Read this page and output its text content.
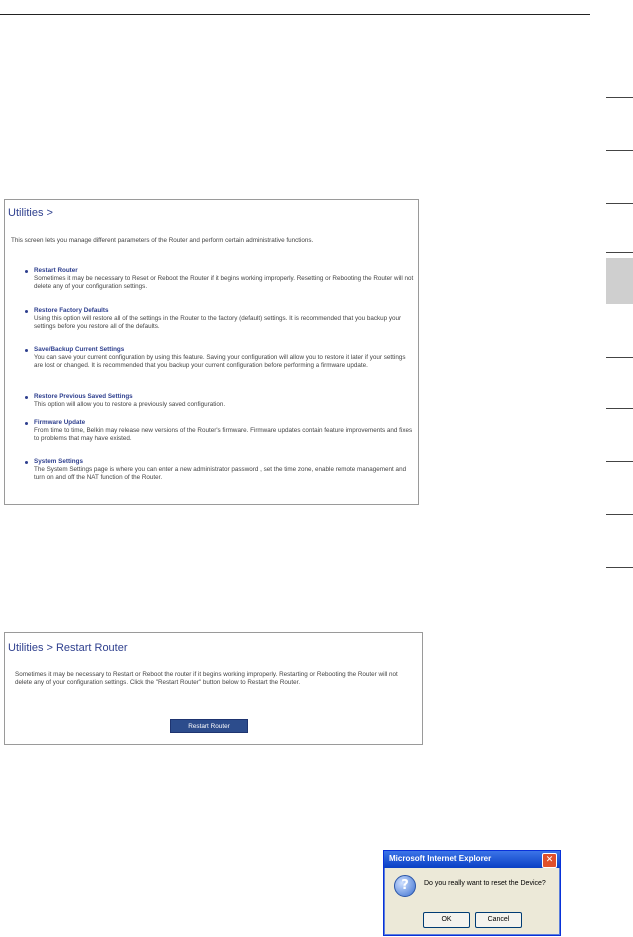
Utilities >
This screen lets you manage different parameters of the Router and perform certain administrative functions.
Restart Router
Sometimes it may be necessary to Reset or Reboot the Router if it begins working improperly. Resetting or Rebooting the Router will not delete any of your configuration settings.
Restore Factory Defaults
Using this option will restore all of the settings in the Router to the factory (default) settings. It is recommended that you backup your settings before you restore all of the defaults.
Save/Backup Current Settings
You can save your current configuration by using this feature. Saving your configuration will allow you to restore it later if your settings are lost or changed. It is recommended that you backup your current configuration before performing a firmware update.
Restore Previous Saved Settings
This option will allow you to restore a previously saved configuration.
Firmware Update
From time to time, Belkin may release new versions of the Router's firmware. Firmware updates contain feature improvements and fixes to problems that may have existed.
System Settings
The System Settings page is where you can enter a new administrator password , set the time zone, enable remote management and turn on and off the NAT function of the Router.
Utilities > Restart Router
Sometimes it may be necessary to Restart or Reboot the router if it begins working improperly. Restarting or Rebooting the Router will not delete any of your configuration settings. Click the "Restart Router" button below to Restart the Router.
Restart Router
Microsoft Internet Explorer	✕
?	Do you really want to reset the Device?
OK	Cancel
